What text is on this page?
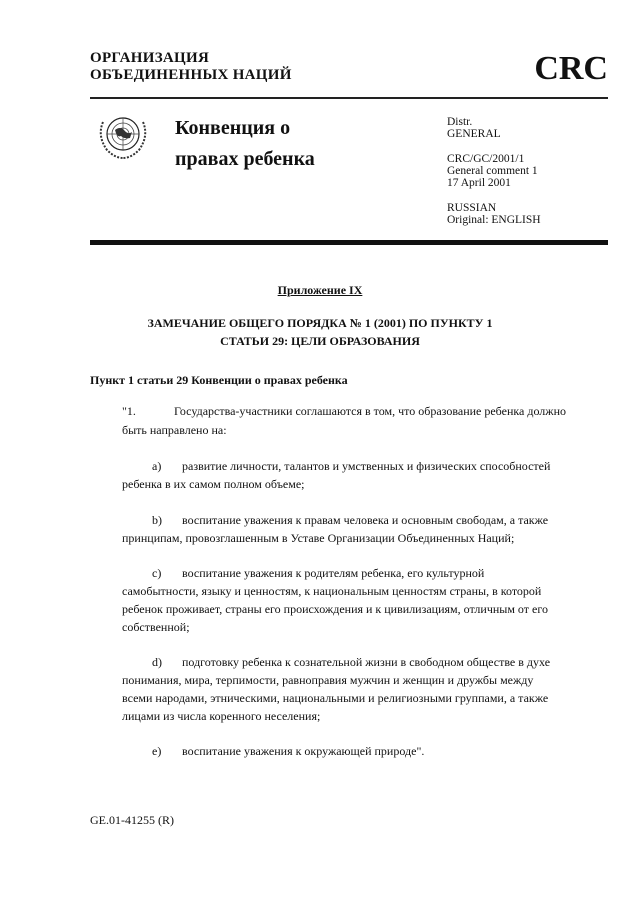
ОРГАНИЗАЦИЯ
ОБЪЕДИНЕННЫХ НАЦИЙ	CRC
Конвенция о
правах ребенка
Distr.
GENERAL
CRC/GC/2001/1
General comment 1
17 April 2001
RUSSIAN
Original: ENGLISH
Приложение IX
ЗАМЕЧАНИЕ ОБЩЕГО ПОРЯДКА № 1 (2001) ПО ПУНКТУ 1
СТАТЬИ 29: ЦЕЛИ ОБРАЗОВАНИЯ
Пункт 1 статьи 29 Конвенции о правах ребенка
"1.	Государства-участники соглашаются в том, что образование ребенка должно
быть направлено на:
a) развитие личности, талантов и умственных и физических способностей
ребенка в их самом полном объеме;
b) воспитание уважения к правам человека и основным свободам, а также
принципам, провозглашенным в Уставе Организации Объединенных Наций;
c) воспитание уважения к родителям ребенка, его культурной
самобытности, языку и ценностям, к национальным ценностям страны, в которой
ребенок проживает, страны его происхождения и к цивилизациям, отличным от его
собственной;
d) подготовку ребенка к сознательной жизни в свободном обществе в духе
понимания, мира, терпимости, равноправия мужчин и женщин и дружбы между
всеми народами, этническими, национальными и религиозными группами, а также
лицами из числа коренного неселения;
e) воспитание уважения к окружающей природе".
GE.01-41255 (R)
